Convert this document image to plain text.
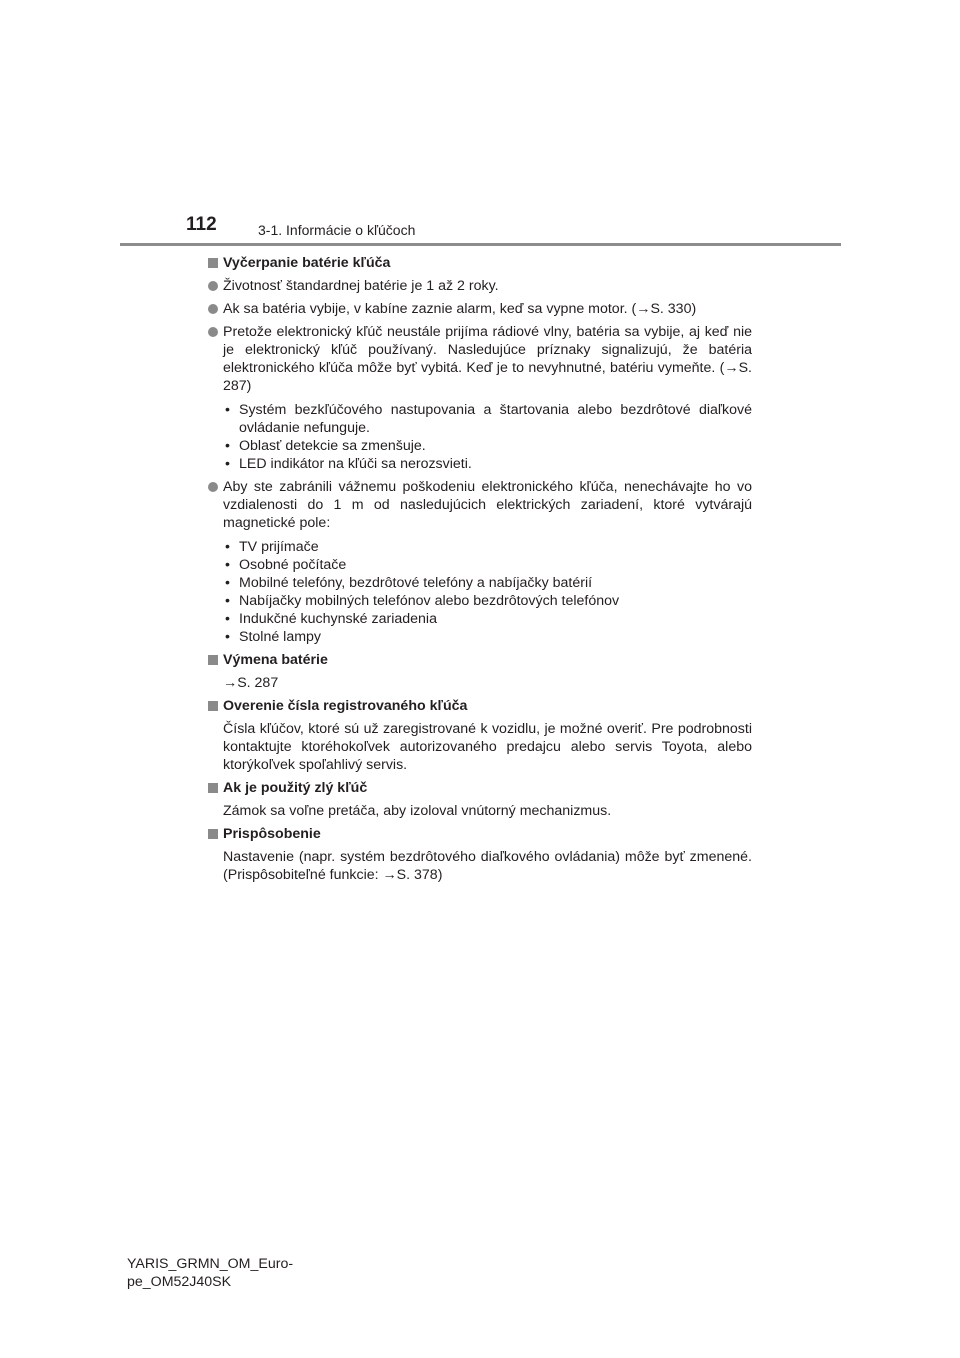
112	3-1. Informácie o kľúčoch
Vyčerpanie batérie kľúča
Životnosť štandardnej batérie je 1 až 2 roky.
Ak sa batéria vybije, v kabíne zaznie alarm, keď sa vypne motor. (→S. 330)
Pretože elektronický kľúč neustále prijíma rádiové vlny, batéria sa vybije, aj keď nie je elektronický kľúč používaný. Nasledujúce príznaky signalizujú, že batéria elektronického kľúča môže byť vybitá. Keď je to nevyhnutné, batériu vymeňte. (→S. 287)
• Systém bezkľúčového nastupovania a štartovania alebo bezdrôtové diaľkové ovládanie nefunguje.
• Oblasť detekcie sa zmenšuje.
• LED indikátor na kľúči sa nerozsvieti.
Aby ste zabránili vážnemu poškodeniu elektronického kľúča, nenechávajte ho vo vzdialenosti do 1 m od nasledujúcich elektrických zariadení, ktoré vytvárajú magnetické pole:
• TV prijímače
• Osobné počítače
• Mobilné telefóny, bezdrôtové telefóny a nabíjačky batérií
• Nabíjačky mobilných telefónov alebo bezdrôtových telefónov
• Indukčné kuchynské zariadenia
• Stolné lampy
Výmena batérie
→S. 287
Overenie čísla registrovaného kľúča
Čísla kľúčov, ktoré sú už zaregistrované k vozidlu, je možné overiť. Pre podrobnosti kontaktujte ktoréhokoľvek autorizovaného predajcu alebo servis Toyota, alebo ktorýkoľvek spoľahlivý servis.
Ak je použitý zlý kľúč
Zámok sa voľne pretáča, aby izoloval vnútorný mechanizmus.
Prispôsobenie
Nastavenie (napr. systém bezdrôtového diaľkového ovládania) môže byť zmenené. (Prispôsobiteľné funkcie: →S. 378)
YARIS_GRMN_OM_Euro-
pe_OM52J40SK
